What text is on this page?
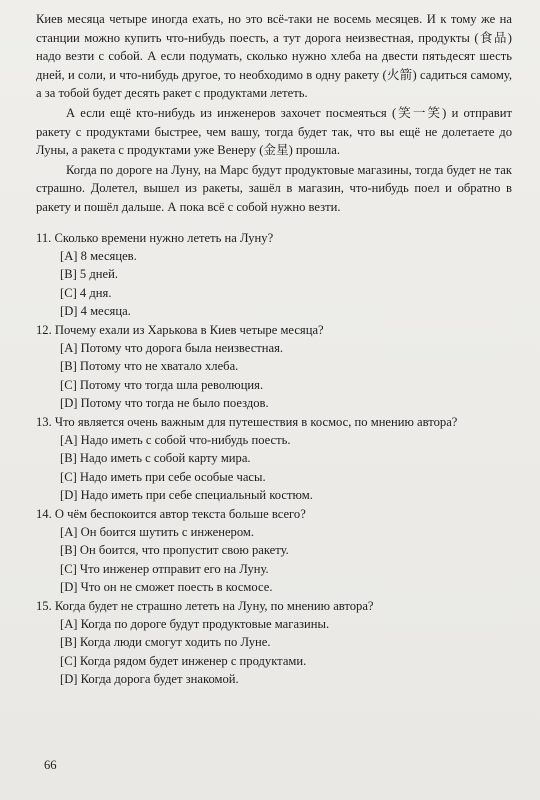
Киев месяца четыре иногда ехать, но это всё-таки не восемь месяцев. И к тому же на станции можно купить что-нибудь поесть, а тут дорога неизвестная, продукты (食品) надо везти с собой. А если подумать, сколько нужно хлеба на двести пятьдесят шесть дней, и соли, и что-нибудь другое, то необходимо в одну ракету (火箭) садиться самому, а за тобой будет десять ракет с продуктами лететь.

А если ещё кто-нибудь из инженеров захочет посмеяться (笑一笑) и отправит ракету с продуктами быстрее, чем вашу, тогда будет так, что вы ещё не долетаете до Луны, а ракета с продуктами уже Венеру (金星) прошла.

Когда по дороге на Луну, на Марс будут продуктовые магазины, тогда будет не так страшно. Долетел, вышел из ракеты, зашёл в магазин, что-нибудь поел и обратно в ракету и пошёл дальше. А пока всё с собой нужно везти.

11. Сколько времени нужно лететь на Луну?
[A] 8 месяцев.
[B] 5 дней.
[C] 4 дня.
[D] 4 месяца.
12. Почему ехали из Харькова в Киев четыре месяца?
[A] Потому что дорога была неизвестная.
[B] Потому что не хватало хлеба.
[C] Потому что тогда шла революция.
[D] Потому что тогда не было поездов.
13. Что является очень важным для путешествия в космос, по мнению автора?
[A] Надо иметь с собой что-нибудь поесть.
[B] Надо иметь с собой карту мира.
[C] Надо иметь при себе особые часы.
[D] Надо иметь при себе специальный костюм.
14. О чём беспокоится автор текста больше всего?
[A] Он боится шутить с инженером.
[B] Он боится, что пропустит свою ракету.
[C] Что инженер отправит его на Луну.
[D] Что он не сможет поесть в космосе.
15. Когда будет не страшно лететь на Луну, по мнению автора?
[A] Когда по дороге будут продуктовые магазины.
[B] Когда люди смогут ходить по Луне.
[C] Когда рядом будет инженер с продуктами.
[D] Когда дорога будет знакомой.
66
